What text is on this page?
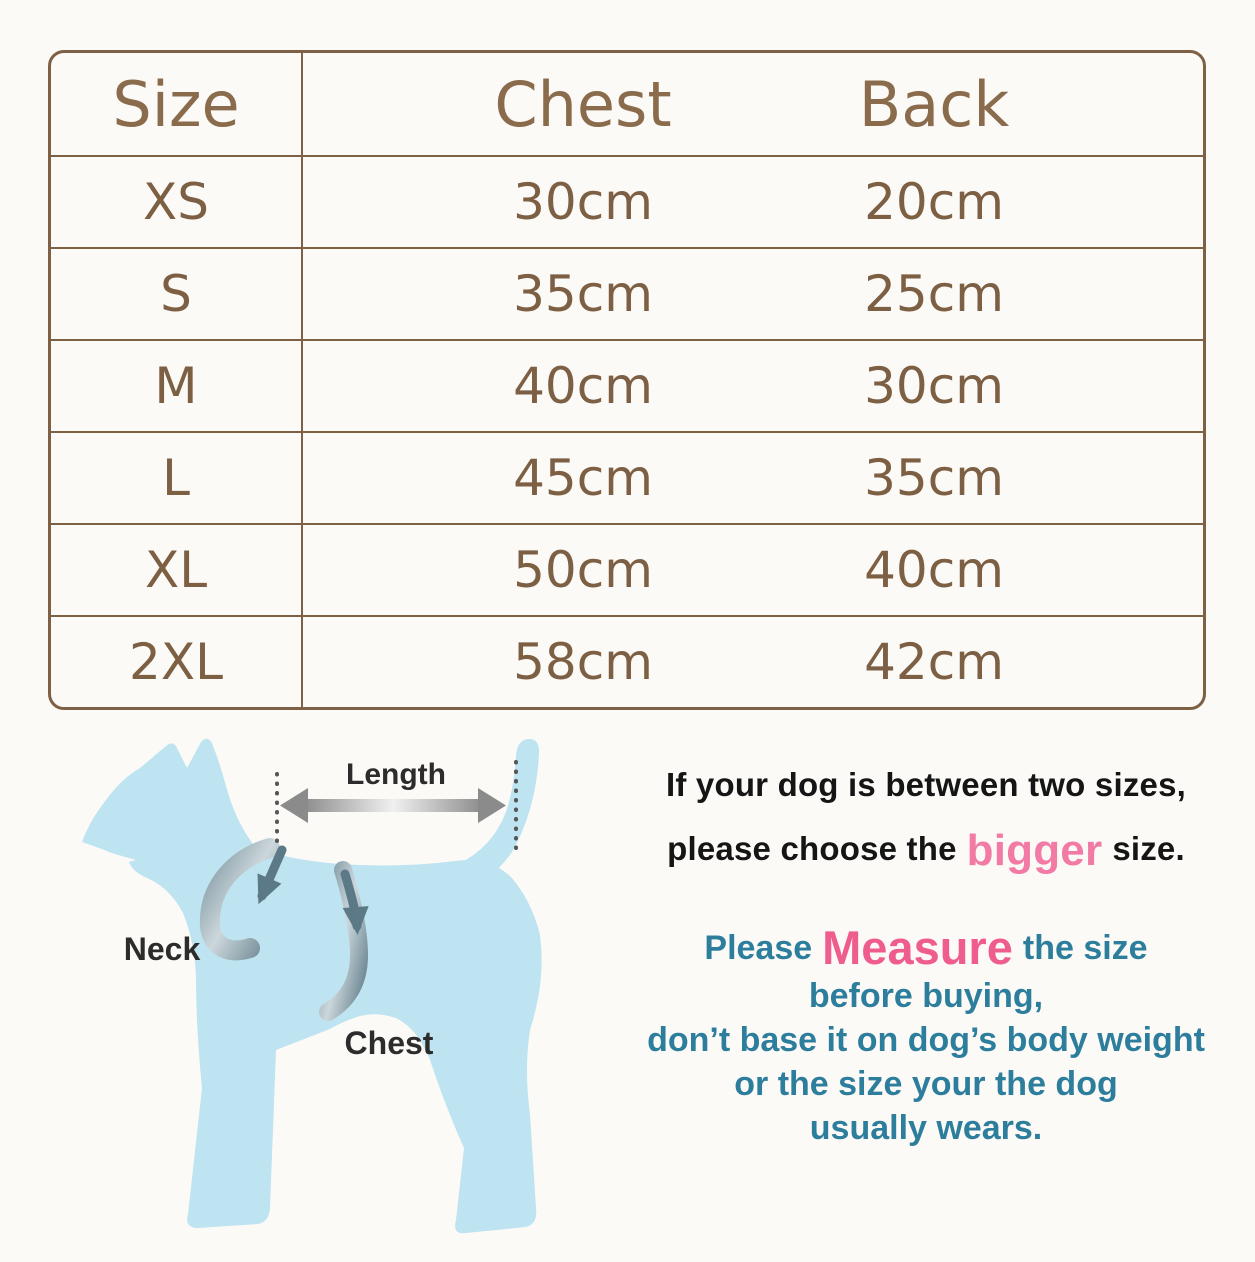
Size	Chest	Back
XS	30cm	20cm
S	35cm	25cm
M	40cm	30cm
L	45cm	35cm
XL	50cm	40cm
2XL	58cm	42cm
Length
Neck
Chest

If your dog is between two sizes,

please choose the bigger size.

Please Measure the size

before buying,

don’t base it on dog’s body weight

or the size your the dog

usually wears.
